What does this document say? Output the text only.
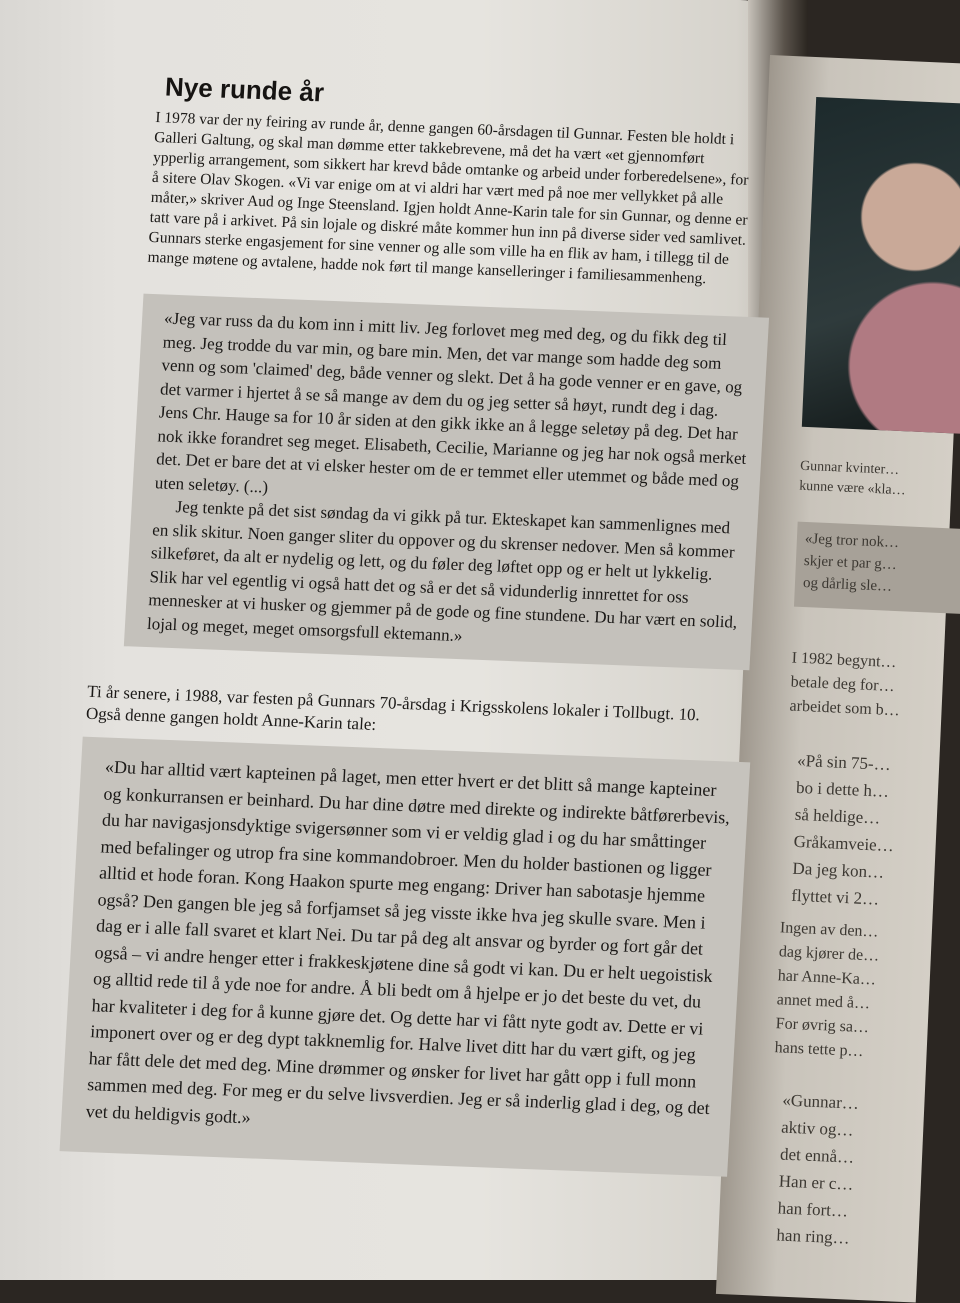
Gunnar kvinter…
kunne være «kla…
«Jeg tror nok…
skjer et par g…
og dårlig sle…
I 1982 begynt…
betale deg for…
arbeidet som b…
«På sin 75-…
bo i dette h…
så heldige…
Gråkamveie…
Da jeg kon…
flyttet vi 2…
Ingen av den…
dag kjører de…
har Anne-Ka…
annet med å…
For øvrig sa…
hans tette p…
«Gunnar…
aktiv og…
det ennå…
Han er c…
han fort…
han ring…
Nye runde år

I 1978 var der ny feiring av runde år, denne gangen 60-årsdagen til Gunnar. Festen ble holdt i Galleri Galtung, og skal man dømme etter takkebrevene, må det ha vært «et gjennomført ypperlig arrangement, som sikkert har krevd både omtanke og arbeid under forberedelsene», for å sitere Olav Skogen. «Vi var enige om at vi aldri har vært med på noe mer vellykket på alle måter,» skriver Aud og Inge Steensland. Igjen holdt Anne-Karin tale for sin Gunnar, og denne er tatt vare på i arkivet. På sin lojale og diskré måte kommer hun inn på diverse sider ved samlivet. Gunnars sterke engasjement for sine venner og alle som ville ha en flik av ham, i tillegg til de mange møtene og avtalene, hadde nok ført til mange kanselleringer i familiesammenheng.

«Jeg var russ da du kom inn i mitt liv. Jeg forlovet meg med deg, og du fikk deg til meg. Jeg trodde du var min, og bare min. Men, det var mange som hadde deg som venn og som 'claimed' deg, både venner og slekt. Det å ha gode venner er en gave, og det varmer i hjertet å se så mange av dem du og jeg setter så høyt, rundt deg i dag. Jens Chr. Hauge sa for 10 år siden at den gikk ikke an å legge seletøy på deg. Det har nok ikke forandret seg meget. Elisabeth, Cecilie, Marianne og jeg har nok også merket det. Det er bare det at vi elsker hester om de er temmet eller utemmet og både med og uten seletøy. (...)

Jeg tenkte på det sist søndag da vi gikk på tur. Ekteskapet kan sammenlignes med en slik skitur. Noen ganger sliter du oppover og du skrenser nedover. Men så kommer silkeføret, da alt er nydelig og lett, og du føler deg løftet opp og er helt ut lykkelig. Slik har vel egentlig vi også hatt det og så er det så vidunderlig innrettet for oss mennesker at vi husker og gjemmer på de gode og fine stundene. Du har vært en solid, lojal og meget, meget omsorgsfull ektemann.»

Ti år senere, i 1988, var festen på Gunnars 70-årsdag i Krigsskolens lokaler i Tollbugt. 10. Også denne gangen holdt Anne-Karin tale:

«Du har alltid vært kapteinen på laget, men etter hvert er det blitt så mange kapteiner og konkurransen er beinhard. Du har dine døtre med direkte og indirekte båtførerbevis, du har navigasjonsdyktige svigersønner som vi er veldig glad i og du har småttinger med befalinger og utrop fra sine kommandobroer. Men du holder bastionen og ligger alltid et hode foran. Kong Haakon spurte meg engang: Driver han sabotasje hjemme også? Den gangen ble jeg så forfjamset så jeg visste ikke hva jeg skulle svare. Men i dag er i alle fall svaret et klart Nei. Du tar på deg alt ansvar og byrder og fort går det også – vi andre henger etter i frakkeskjøtene dine så godt vi kan. Du er helt uegoistisk og alltid rede til å yde noe for andre. Å bli bedt om å hjelpe er jo det beste du vet, du har kvaliteter i deg for å kunne gjøre det. Og dette har vi fått nyte godt av. Dette er vi imponert over og er deg dypt takknemlig for. Halve livet ditt har du vært gift, og jeg har fått dele det med deg. Mine drømmer og ønsker for livet har gått opp i full monn sammen med deg. For meg er du selve livsverdien. Jeg er så inderlig glad i deg, og det vet du heldigvis godt.»
